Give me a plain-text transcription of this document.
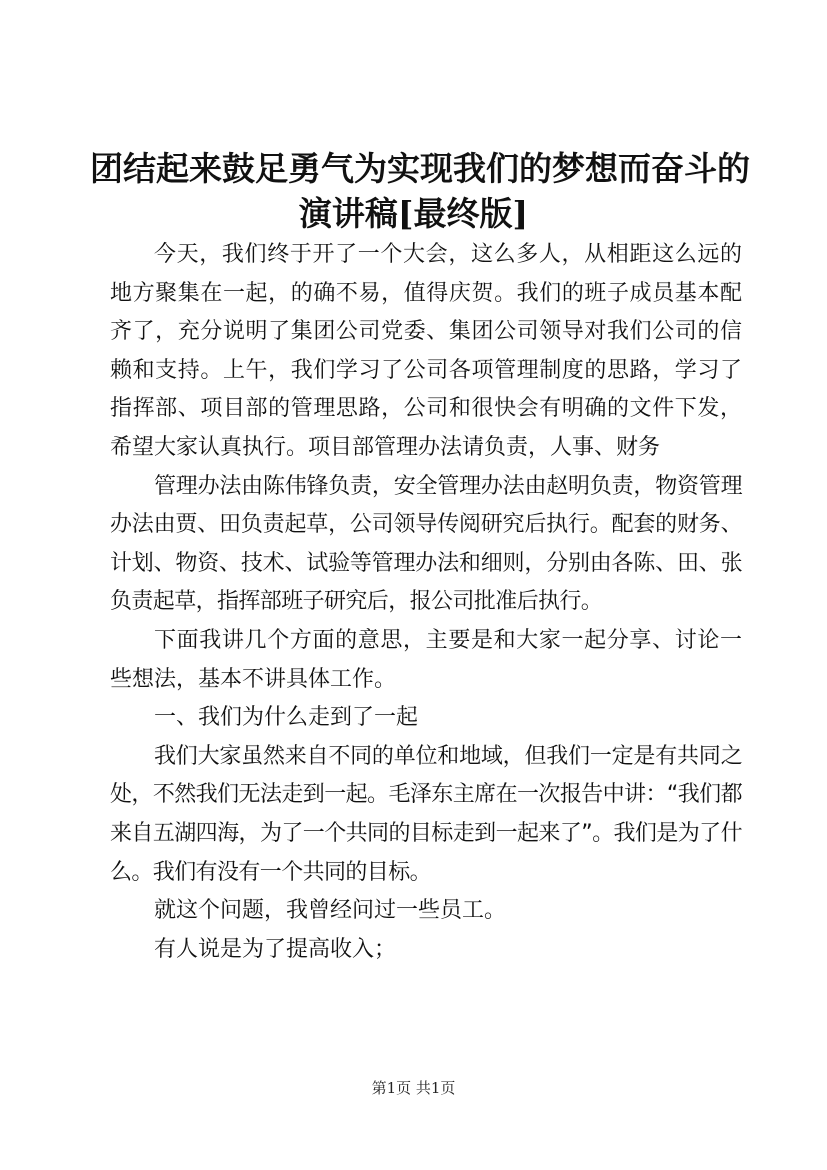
团结起来鼓足勇气为实现我们的梦想而奋斗的
演讲稿[最终版]

今天，我们终于开了一个大会，这么多人，从相距这么远的地方聚集在一起，的确不易，值得庆贺。我们的班子成员基本配齐了，充分说明了集团公司党委、集团公司领导对我们公司的信赖和支持。上午，我们学习了公司各项管理制度的思路，学习了指挥部、项目部的管理思路，公司和很快会有明确的文件下发，希望大家认真执行。项目部管理办法请负责，人事、财务

管理办法由陈伟锋负责，安全管理办法由赵明负责，物资管理办法由贾、田负责起草，公司领导传阅研究后执行。配套的财务、计划、物资、技术、试验等管理办法和细则，分别由各陈、田、张负责起草，指挥部班子研究后，报公司批准后执行。

下面我讲几个方面的意思，主要是和大家一起分享、讨论一些想法，基本不讲具体工作。

一、我们为什么走到了一起

我们大家虽然来自不同的单位和地域，但我们一定是有共同之处，不然我们无法走到一起。毛泽东主席在一次报告中讲：“我们都来自五湖四海，为了一个共同的目标走到一起来了”。我们是为了什么。我们有没有一个共同的目标。

就这个问题，我曾经问过一些员工。

有人说是为了提高收入；

第1页 共1页
